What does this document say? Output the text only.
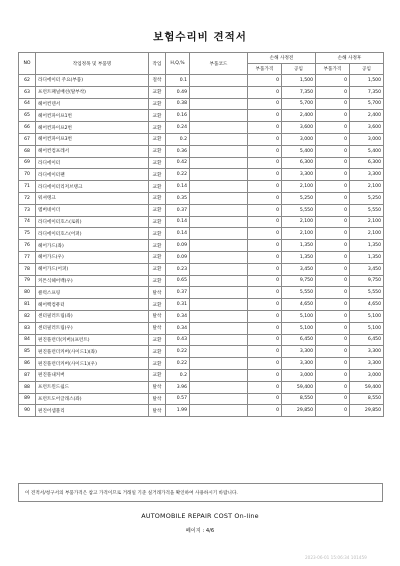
보험수리비 견적서
NO	작업정목 및 부품명	작업	H,Q,%	부품코드	손해 사정전		손해 사정후	
					부품가격	공임	부품가격	공임
62	라디에이터 주요(부품)	절착	0.1		0	1,500	0	1,500
63	프런트패널배선(탈부착)	교환	0.49		0	7,350	0	7,350
64	헤어컨덴서	교환	0.38		0	5,700	0	5,700
65	헤어컨파이프1번	교환	0.16		0	2,400	0	2,400
66	헤어컨파이프2번	교환	0.24		0	3,600	0	3,600
67	헤어컨파이프3번	교환	0.2		0	3,000	0	3,000
68	헤어컨컴프레서	교환	0.36		0	5,400	0	5,400
69	라디에이터	교환	0.42		0	6,300	0	6,300
70	라디에이터팬	교환	0.22		0	3,300	0	3,300
71	라디에이터리저브탱크	교환	0.14		0	2,100	0	2,100
72	워셔탱크	교환	0.35		0	5,250	0	5,250
73	멤버네이더	교환	0.37		0	5,550	0	5,550
74	라디에이터호스(로워)	교환	0.14		0	2,100	0	2,100
75	라디에이터호스(어퍼)	교환	0.14		0	2,100	0	2,100
76	헤어가드(좌)	교환	0.09		0	1,350	0	1,350
77	헤어가드(우)	교환	0.09		0	1,350	0	1,350
78	헤어가드(어퍼)	교환	0.23		0	3,450	0	3,450
79	커튼식헤어백(우)	교환	0.65		0	9,750	0	9,750
80	클럭스프링	탈착	0.37		0	5,550	0	5,550
81	헤어백컴퓨터	교환	0.31		0	4,650	0	4,650
82	센터필러트림(좌)	탈착	0.34		0	5,100	0	5,100
83	센터필러트림(우)	탈착	0.34		0	5,100	0	5,100
84	편진플런더(커버)(프런트)	교환	0.43		0	6,450	0	6,450
85	편진플런더커버(사이드1)(좌)	교환	0.22		0	3,300	0	3,300
86	편진플런더커버(사이드1)(우)	교환	0.22		0	3,300	0	3,300
87	편진플내커버	교환	0.2		0	3,000	0	3,000
88	프런트윈드쉴드	탈착	3.96		0	59,400	0	59,400
89	프런트도어글래스(좌)	탈착	0.57		0	8,550	0	8,550
90	편진어셈블리	탈착	1.99		0	29,850	0	29,850
이 견적서/청구서의 부품가격은 참고 가격이므로 거래일 기준 실거래가격을 확인하여 사용하시기 바랍니다.
AUTOMOBILE REPAIR COST On-line
페이지 : 4/6
2023-06-01 15:06:34 101459
